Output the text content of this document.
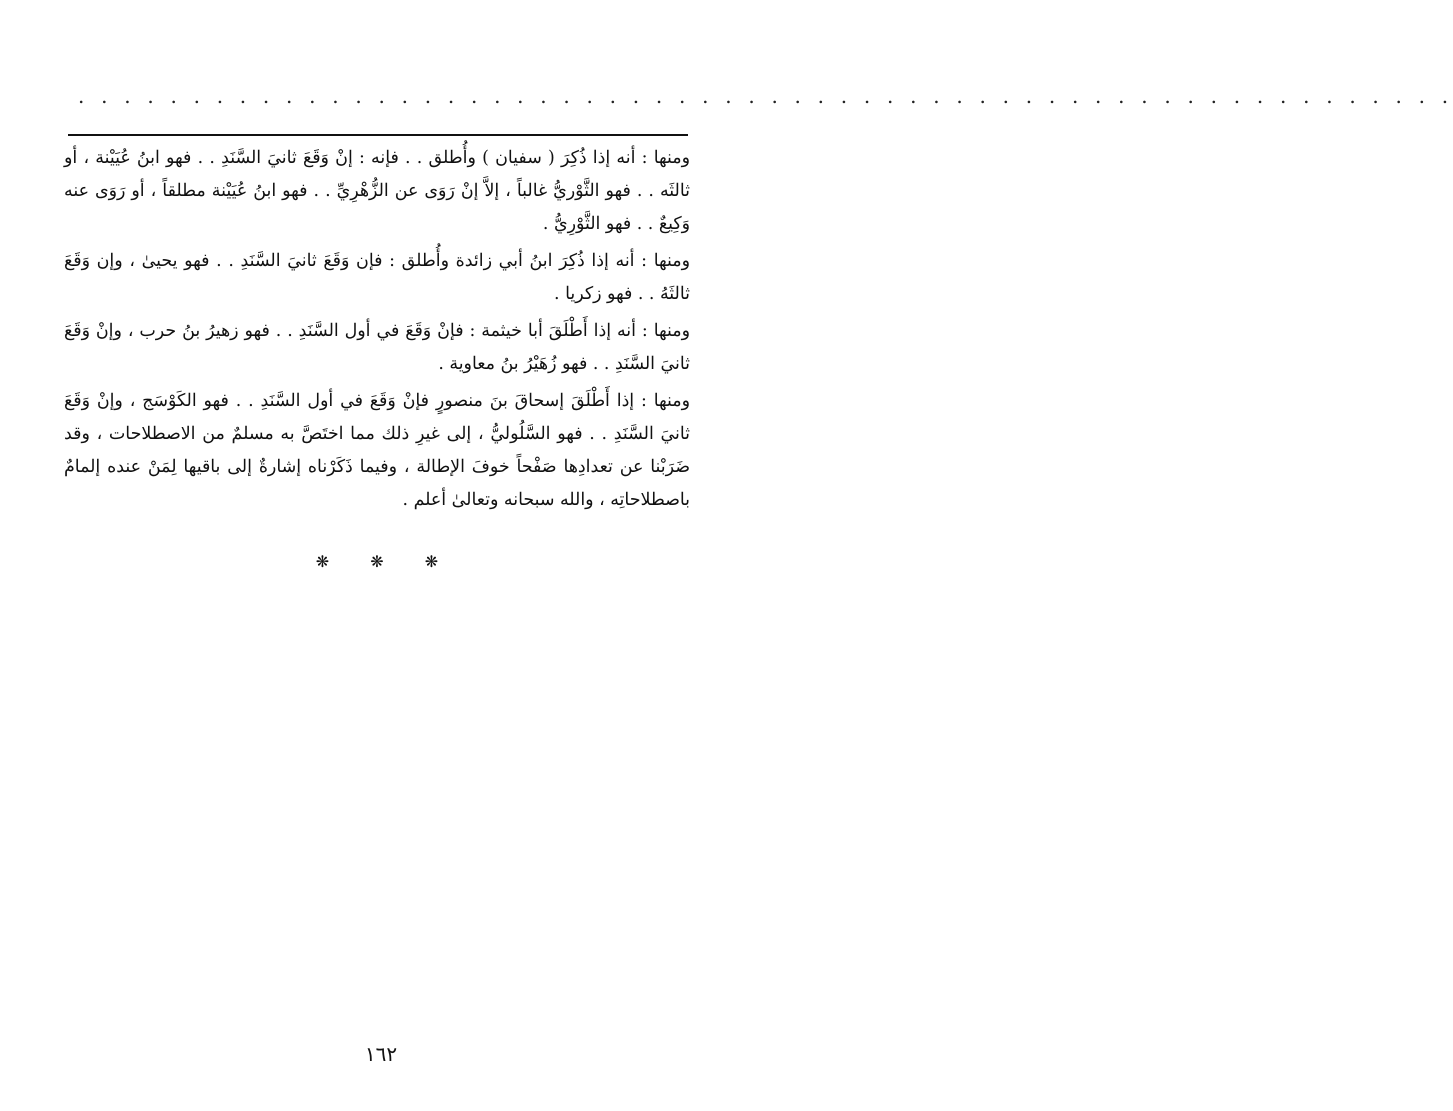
. . . . . . . . . . . . . . . . . . . . . . . . . . . . . . . . . . . . . . . . . . . . . . . . . . . . . . . . . . . .

ومنها : أنه إذا ذُكِرَ ( سفيان ) وأُطلق . . فإنه : إنْ وَقَعَ ثانيَ السَّنَدِ . . فهو ابنُ عُيَيْنة ، أو ثالثَه . . فهو الثَّوْريُّ غالباً ، إلاَّ إنْ رَوَى عن الزُّهْرِيِّ . . فهو ابنُ عُيَيْنة مطلقاً ، أو رَوَى عنه وَكِيعٌ . . فهو الثَّوْرِيُّ .

ومنها : أنه إذا ذُكِرَ ابنُ أبي زائدة وأُطلق : فإن وَقَعَ ثانيَ السَّنَدِ . . فهو يحيىٰ ، وإن وَقَعَ ثالثَهُ . . فهو زكريا .

ومنها : أنه إذا أَطْلَقَ أبا خيثمة : فإنْ وَقَعَ في أول السَّنَدِ . . فهو زهيرُ بنُ حرب ، وإنْ وَقَعَ ثانيَ السَّنَدِ . . فهو زُهَيْرُ بنُ معاوية .

ومنها : إذا أَطْلَقَ إسحاقَ بنَ منصورٍ فإنْ وَقَعَ في أول السَّنَدِ . . فهو الكَوْسَج ، وإنْ وَقَعَ ثانيَ السَّنَدِ . . فهو السَّلُوليُّ ، إلى غيرِ ذلك مما اختَصَّ به مسلمٌ من الاصطلاحات ، وقد ضَرَبْنا عن تعدادِها صَفْحاً خوفَ الإطالة ، وفيما ذَكَرْناه إشارةٌ إلى باقيها لِمَنْ عنده إلمامٌ باصطلاحاتِه ، والله سبحانه وتعالىٰ أعلم .

❋ ❋ ❋
١٦٢
